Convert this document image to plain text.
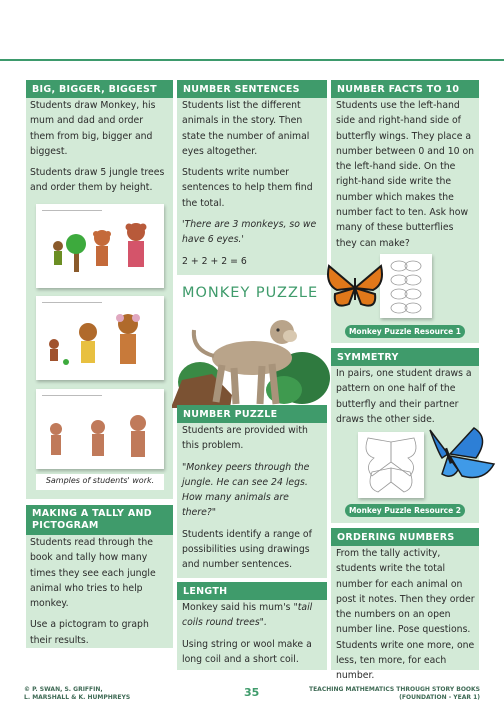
BIG, BIGGER, BIGGEST

Students draw Monkey, his mum and dad and order them from big, bigger and biggest.

Students draw 5 jungle trees and order them by height.

Samples of students' work.
MAKING A TALLY AND PICTOGRAM

Students read through the book and tally how many times they see each jungle animal who tries to help monkey.

Use a pictogram to graph their results.

NUMBER SENTENCES

Students list the different animals in the story. Then state the number of animal eyes altogether.

Students write number sentences to help them find the total.

'There are 3 monkeys, so we have 6 eyes.'

2 + 2 + 2 = 6

MONKEY PUZZLE
NUMBER PUZZLE

Students are provided with this problem.

"Monkey peers through the jungle. He can see 24 legs. How many animals are there?"

Students identify a range of possibilities using drawings and number sentences.

LENGTH

Monkey said his mum's "tail coils round trees".

Using string or wool make a long coil and a short coil.

NUMBER FACTS TO 10

Students use the left-hand side and right-hand side of butterfly wings. They place a number between 0 and 10 on the left-hand side. On the right-hand side write the number which makes the number fact to ten. Ask how many of these butterflies they can make?

Monkey Puzzle Resource 1
SYMMETRY

In pairs, one student draws a pattern on one half of the butterfly and their partner draws the other side.

Monkey Puzzle Resource 2
ORDERING NUMBERS

From the tally activity, students write the total number for each animal on post it notes. Then they order the numbers on an open number line. Pose questions. Students write one more, one less, ten more, for each number.

© P. SWAN, S. GRIFFIN,
L. MARSHALL & K. HUMPHREYS	35	TEACHING MATHEMATICS THROUGH STORY BOOKS
(FOUNDATION - YEAR 1)
